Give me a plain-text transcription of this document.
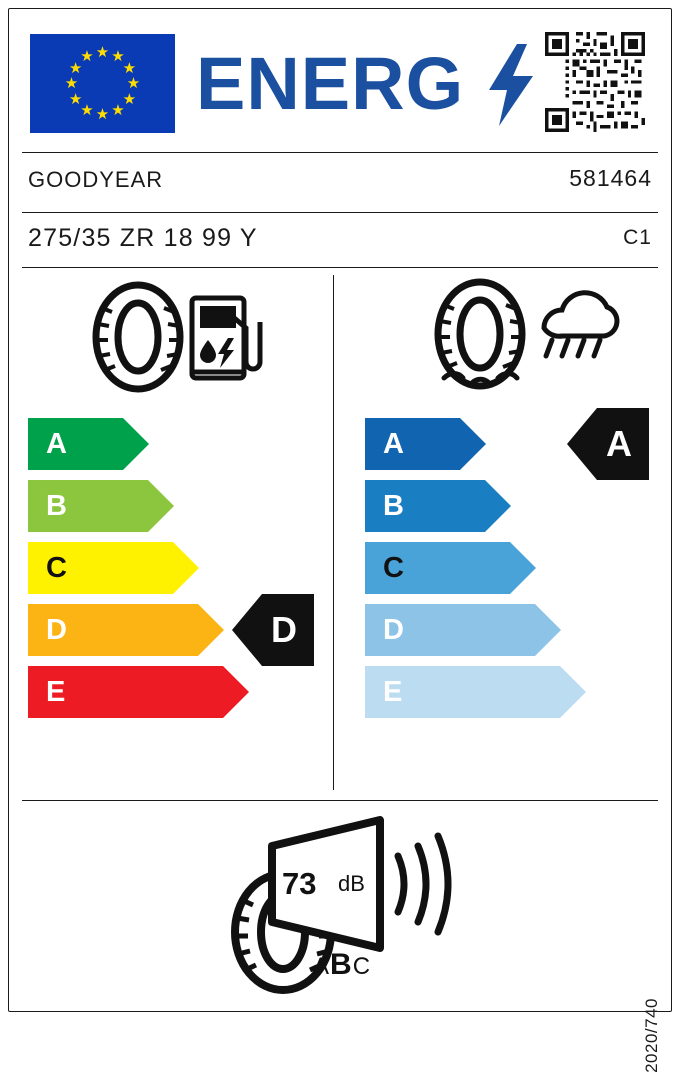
★ ★
★
★
★
★
★
★
★
★
★
★ ENERG
GOODYEAR	581464
275/35 ZR 18 99 Y	C1
A
B
C
D
E
D
A
B
C
D
E
A
73 dB
ABC
2020/740
